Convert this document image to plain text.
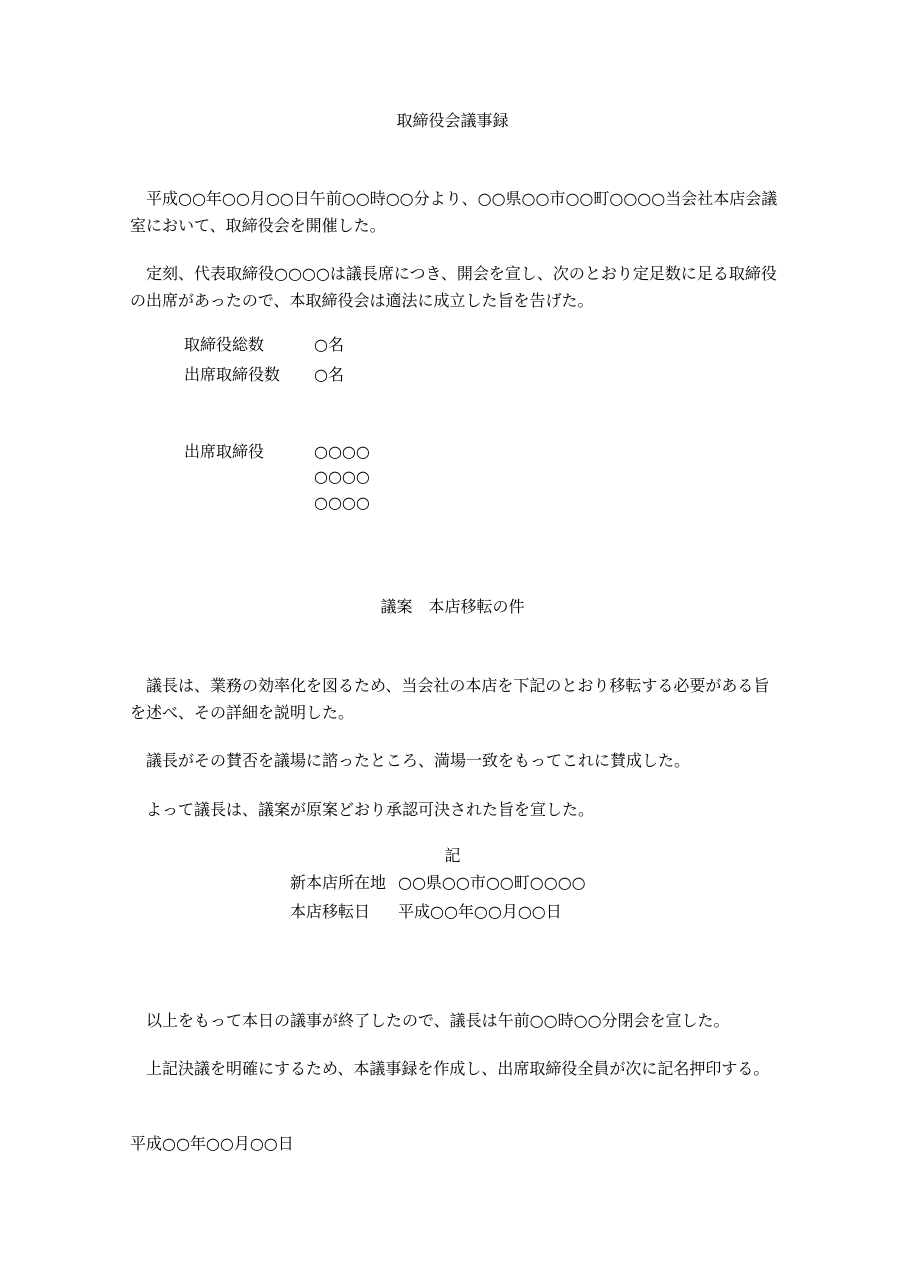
取締役会議事録
平成○○年○○月○○日午前○○時○○分より、○○県○○市○○町○○○○当会社本店会議室において、取締役会を開催した。
定刻、代表取締役○○○○は議長席につき、開会を宣し、次のとおり定足数に足る取締役の出席があったので、本取締役会は適法に成立した旨を告げた。
取締役総数	○名
出席取締役数 ○名
出席取締役	○○○○
○○○○
○○○○
議案　本店移転の件
議長は、業務の効率化を図るため、当会社の本店を下記のとおり移転する必要がある旨を述べ、その詳細を説明した。
議長がその賛否を議場に諮ったところ、満場一致をもってこれに賛成した。
よって議長は、議案が原案どおり承認可決された旨を宣した。
記
新本店所在地 ○○県○○市○○町○○○○
本店移転日 平成○○年○○月○○日
以上をもって本日の議事が終了したので、議長は午前○○時○○分閉会を宣した。
上記決議を明確にするため、本議事録を作成し、出席取締役全員が次に記名押印する。
平成○○年○○月○○日
